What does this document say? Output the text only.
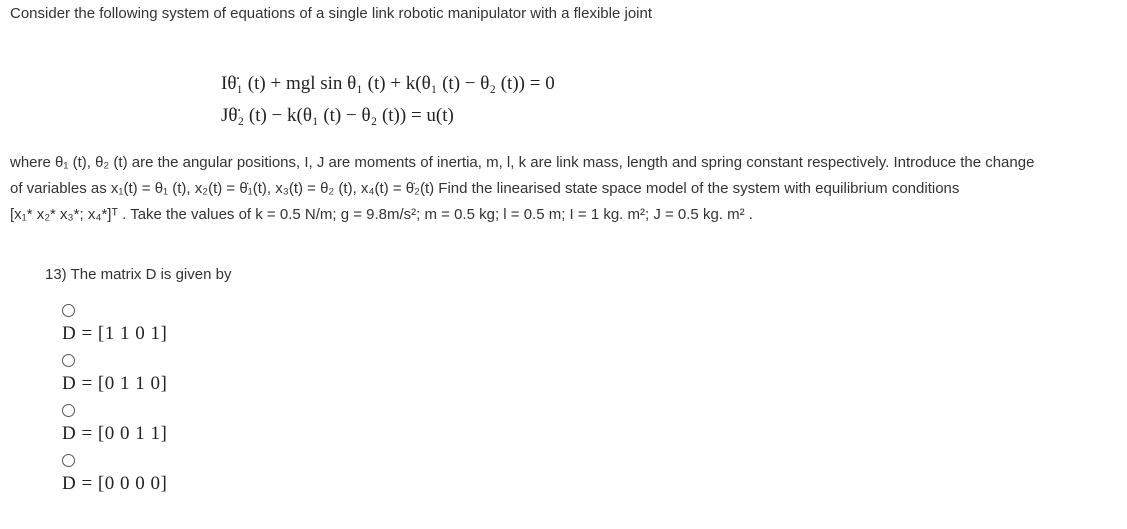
Consider the following system of equations of a single link robotic manipulator with a flexible joint
Iθ̈₁ (t) + mgl sin θ₁ (t) + k(θ₁ (t) − θ₂ (t)) = 0
Jθ̈₂ (t) − k(θ₁ (t) − θ₂ (t)) = u(t)
where θ₁ (t), θ₂ (t) are the angular positions, I, J are moments of inertia, m, l, k are link mass, length and spring constant respectively. Introduce the change
of variables as x₁(t) = θ₁ (t), x₂(t) = θ̇₁(t), x₃(t) = θ₂ (t), x₄(t) = θ̇₂(t) Find the linearised state space model of the system with equilibrium conditions
[x₁* x₂* x₃*; x₄*]ᵀ . Take the values of k = 0.5 N/m; g = 9.8m/s²; m = 0.5 kg; l = 0.5 m; I = 1 kg. m²; J = 0.5 kg. m² .
13) The matrix D is given by
D = [1 1 0 1]
D = [0 1 1 0]
D = [0 0 1 1]
D = [0 0 0 0]
